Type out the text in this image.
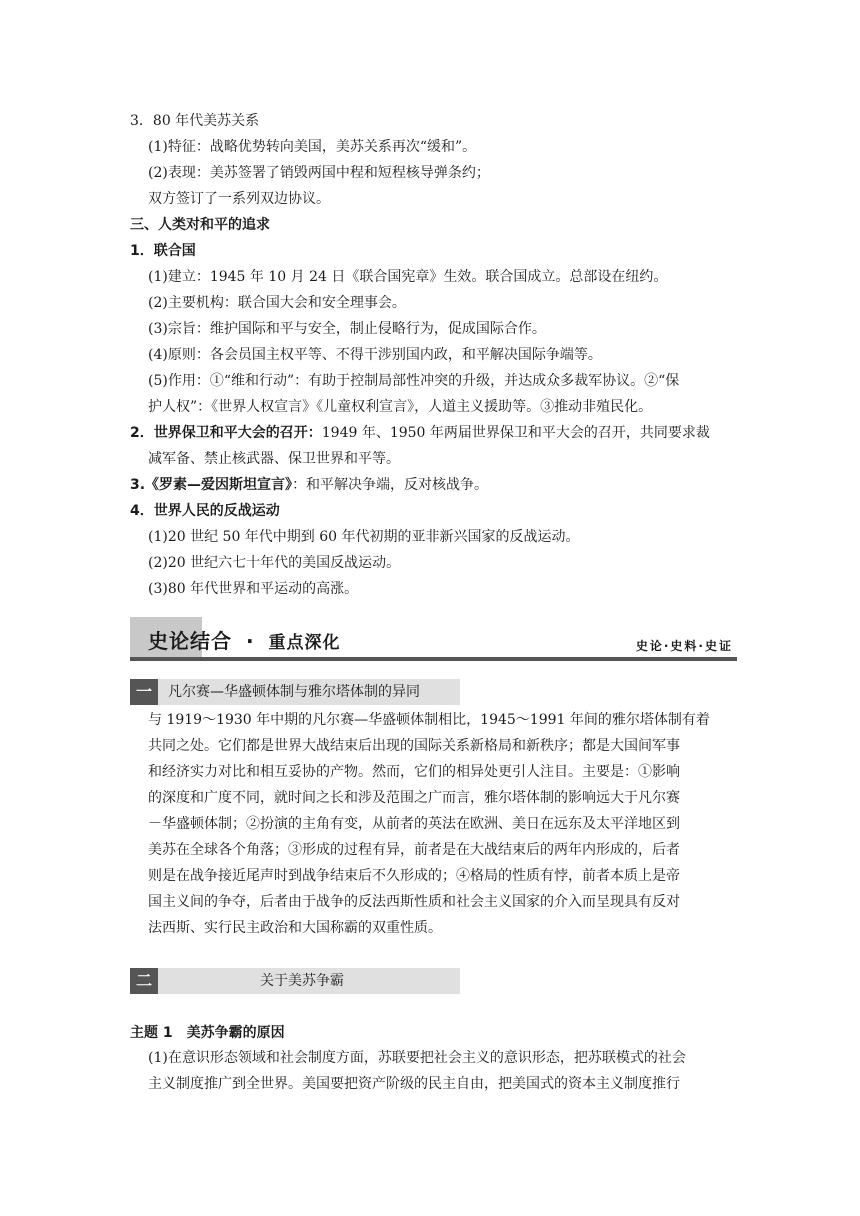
3．80 年代美苏关系
(1)特征：战略优势转向美国，美苏关系再次“缓和”。
(2)表现：美苏签署了销毁两国中程和短程核导弹条约；
双方签订了一系列双边协议。
三、人类对和平的追求
1．联合国
(1)建立：1945 年 10 月 24 日《联合国宪章》生效。联合国成立。总部设在纽约。
(2)主要机构：联合国大会和安全理事会。
(3)宗旨：维护国际和平与安全，制止侵略行为，促成国际合作。
(4)原则：各会员国主权平等、不得干涉别国内政，和平解决国际争端等。
(5)作用：①“维和行动”：有助于控制局部性冲突的升级，并达成众多裁军协议。②“保
护人权”：《世界人权宣言》《儿童权利宣言》，人道主义援助等。③推动非殖民化。
2．世界保卫和平大会的召开：1949 年、1950 年两届世界保卫和平大会的召开，共同要求裁
减军备、禁止核武器、保卫世界和平等。
3.《罗素—爱因斯坦宣言》：和平解决争端，反对核战争。
4．世界人民的反战运动
(1)20 世纪 50 年代中期到 60 年代初期的亚非新兴国家的反战运动。
(2)20 世纪六七十年代的美国反战运动。
(3)80 年代世界和平运动的高涨。
史论结合 · 重点深化	史论·史料·史证
一	凡尔赛—华盛顿体制与雅尔塔体制的异同
与 1919～1930 年中期的凡尔赛—华盛顿体制相比，1945～1991 年间的雅尔塔体制有着
共同之处。它们都是世界大战结束后出现的国际关系新格局和新秩序；都是大国间军事
和经济实力对比和相互妥协的产物。然而，它们的相异处更引人注目。主要是：①影响
的深度和广度不同，就时间之长和涉及范围之广而言，雅尔塔体制的影响远大于凡尔赛
－华盛顿体制；②扮演的主角有变，从前者的英法在欧洲、美日在远东及太平洋地区到
美苏在全球各个角落；③形成的过程有异，前者是在大战结束后的两年内形成的，后者
则是在战争接近尾声时到战争结束后不久形成的；④格局的性质有悖，前者本质上是帝
国主义间的争夺，后者由于战争的反法西斯性质和社会主义国家的介入而呈现具有反对
法西斯、实行民主政治和大国称霸的双重性质。
二	关于美苏争霸
主题 1　美苏争霸的原因
(1)在意识形态领域和社会制度方面，苏联要把社会主义的意识形态，把苏联模式的社会
主义制度推广到全世界。美国要把资产阶级的民主自由，把美国式的资本主义制度推行
